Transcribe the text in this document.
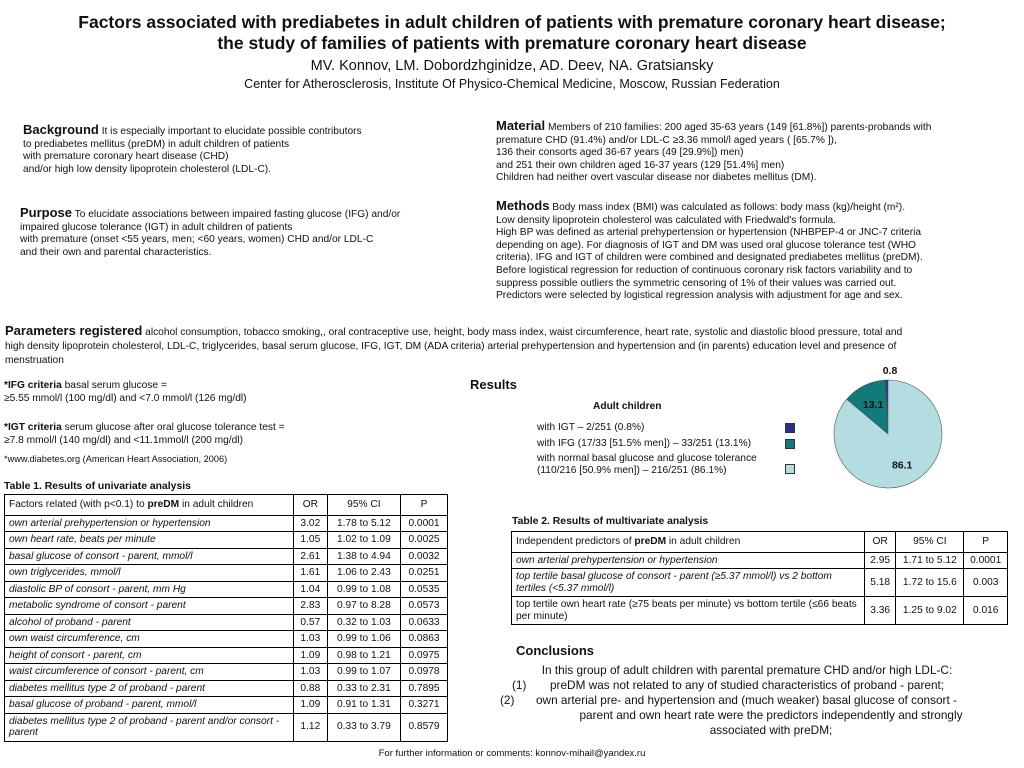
Factors associated with prediabetes in adult children of patients with premature coronary heart disease;
the study of families of patients with premature coronary heart disease
MV. Konnov, LM. Dobordzhginidze, AD. Deev, NA. Gratsiansky
Center for Atherosclerosis, Institute Of Physico-Chemical Medicine, Moscow, Russian Federation
Background It is especially important to elucidate possible contributors
to prediabetes mellitus (preDM) in adult children of patients
with premature coronary heart disease (CHD)
and/or high low density lipoprotein cholesterol (LDL-C).
Purpose To elucidate associations between impaired fasting glucose (IFG) and/or
impaired glucose tolerance (IGT) in adult children of patients
with premature (onset <55 years, men; <60 years, women) CHD and/or LDL-C
and their own and parental characteristics.
Material Members of 210 families: 200 aged 35-63 years (149 [61.8%]) parents-probands with
premature CHD (91.4%) and/or LDL-C ≥3.36 mmol/l aged years ( [65.7% ]),
136 their consorts aged 36-67 years (49 [29.9%]) men)
and 251 their own children aged 16-37 years (129 [51.4%] men)
Children had neither overt vascular disease nor diabetes mellitus (DM).
Methods Body mass index (BMI) was calculated as follows: body mass (kg)/height (m²).
Low density lipoprotein cholesterol was calculated with Friedwald's formula.
High BP was defined as arterial prehypertension or hypertension (NHBPEP-4 or JNC-7 criteria
depending on age). For diagnosis of IGT and DM was used oral glucose tolerance test (WHO
criteria). IFG and IGT of children were combined and designated prediabetes mellitus (preDM).
Before logistical regression for reduction of continuous coronary risk factors variability and to
suppress possible outliers the symmetric censoring of 1% of their values was carried out.
Predictors were selected by logistical regression analysis with adjustment for age and sex.
Parameters registered alcohol consumption, tobacco smoking,, oral contraceptive use, height, body mass index, waist circumference, heart rate, systolic and diastolic blood pressure, total and
high density lipoprotein cholesterol, LDL-C, triglycerides, basal serum glucose, IFG, IGT, DM (ADA criteria) arterial prehypertension and hypertension and (in parents) education level and presence of
menstruation
*IFG criteria basal serum glucose =
≥5.55 mmol/l (100 mg/dl) and <7.0 mmol/l (126 mg/dl)
*IGT criteria serum glucose after oral glucose tolerance test =
≥7.8 mmol/l (140 mg/dl) and <11.1mmol/l (200 mg/dl)
*www.diabetes.org (American Heart Association, 2006)
Table 1. Results of univariate analysis
Factors related (with p<0.1) to preDM in adult children	OR	95% CI	P
own arterial prehypertension or hypertension	3.02	1.78 to 5.12	0.0001
own heart rate, beats per minute	1.05	1.02 to 1.09	0.0025
basal glucose of consort - parent, mmol/l	2.61	1.38 to 4.94	0.0032
own triglycerides, mmol/l	1.61	1.06 to 2.43	0.0251
diastolic BP of consort - parent, mm Hg	1.04	0.99 to 1.08	0.0535
metabolic syndrome of consort - parent	2.83	0.97 to 8.28	0.0573
alcohol of proband - parent	0.57	0.32 to 1.03	0.0633
own waist circumference, cm	1.03	0.99 to 1.06	0.0863
height of consort - parent, cm	1.09	0.98 to 1.21	0.0975
waist circumference of consort - parent, cm	1.03	0.99 to 1.07	0.0978
diabetes mellitus type 2 of proband - parent	0.88	0.33 to 2.31	0.7895
basal glucose of proband - parent, mmol/l	1.09	0.91 to 1.31	0.3271
diabetes mellitus type 2 of proband - parent and/or consort - parent	1.12	0.33 to 3.79	0.8579
Results
Adult children
with IGT – 2/251 (0.8%)
with IFG (17/33 [51.5% men]) – 33/251 (13.1%)
with normal basal glucose and glucose tolerance
(110/216 [50.9% men]) – 216/251 (86.1%)
0.8
13.1
86.1
Table 2. Results of multivariate analysis
Independent predictors of preDM in adult children	OR	95% CI	P
own arterial prehypertension or hypertension	2.95	1.71 to 5.12	0.0001
top tertile basal glucose of consort - parent (≥5.37 mmol/l) vs 2 bottom tertiles (<5.37 mmol/l)	5.18	1.72 to 15.6	0.003
top tertile own heart rate (≥75 beats per minute) vs bottom tertile (≤66 beats per minute)	3.36	1.25 to 9.02	0.016
Conclusions
In this group of adult children with parental premature CHD and/or high LDL-C:
(1) preDM was not related to any of studied characteristics of proband - parent;
(2) own arterial pre- and hypertension and (much weaker) basal glucose of consort -
parent and own heart rate were the predictors independently and strongly
associated with preDM;
For further information or comments: konnov-mihail@yandex.ru
